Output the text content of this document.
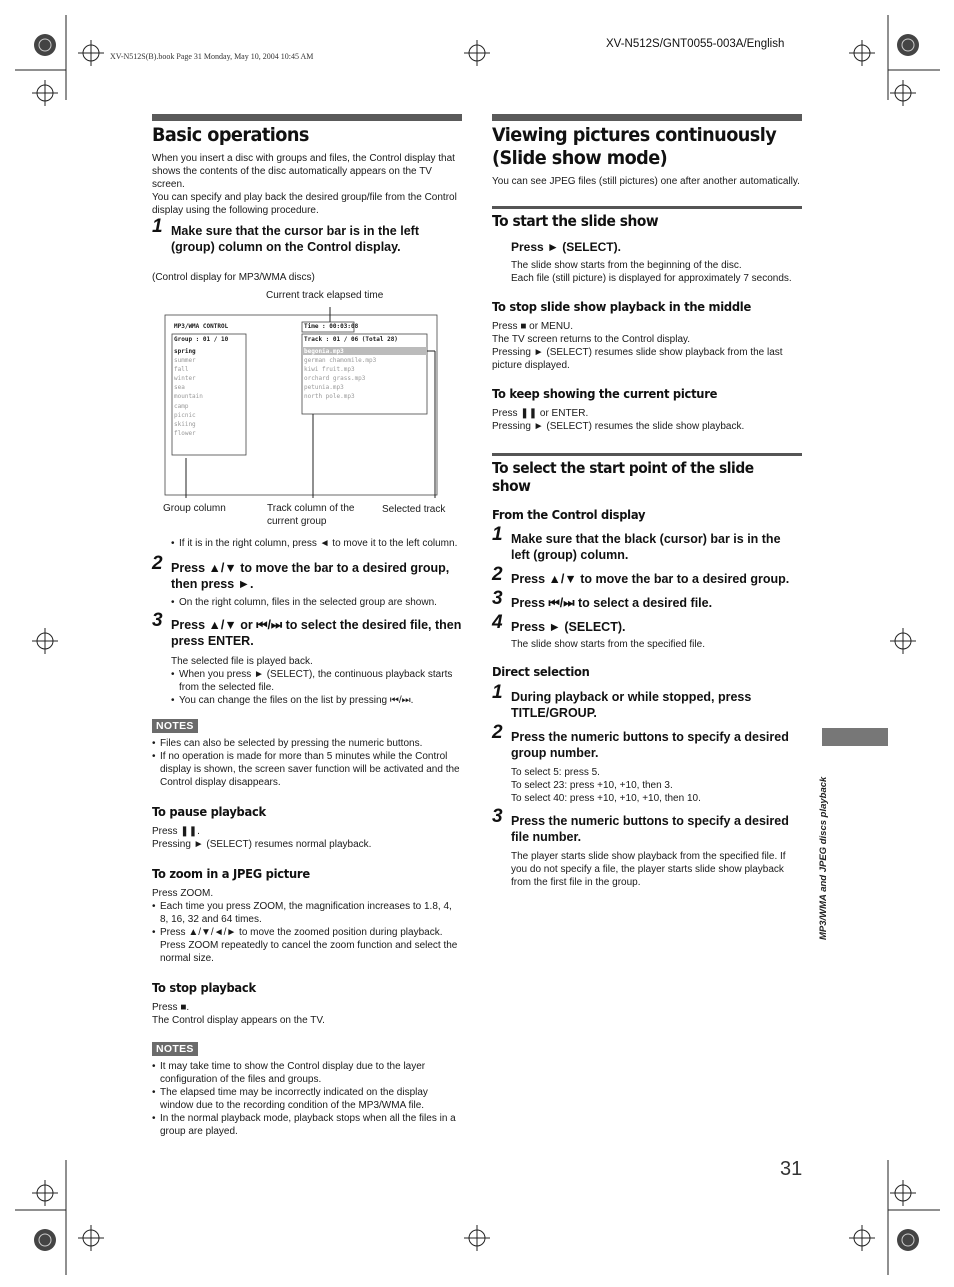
XV-N512S(B).book Page 31 Monday, May 10, 2004 10:45 AM
XV-N512S/GNT0055-003A/English
Basic operations
When you insert a disc with groups and files, the Control display that shows the contents of the disc automatically appears on the TV screen.
You can specify and play back the desired group/file from the Control display using the following procedure.
1 Make sure that the cursor bar is in the left (group) column on the Control display.
(Control display for MP3/WMA discs)
Current track elapsed time
MP3/WMA CONTROL	Time : 00:03:08
Group : 01 / 10	Track : 01 / 06 (Total 28)
spring
summer
fall
winter
sea
mountain
camp
picnic
skiing
flower
begonia.mp3
german chamomile.mp3
kiwi fruit.mp3
orchard grass.mp3
petunia.mp3
north pole.mp3
Group column	Track column of the
current group
Selected track
• If it is in the right column, press ◄ to move it to the left column.
2 Press ▲/▼ to move the bar to a desired group, then press ►.
• On the right column, files in the selected group are shown.
3 Press ▲/▼ or ⏮/⏭ to select the desired file, then press ENTER.
The selected file is played back.
• When you press ► (SELECT), the continuous playback starts from the selected file.
• You can change the files on the list by pressing ⏮/⏭.
NOTES
• Files can also be selected by pressing the numeric buttons.
• If no operation is made for more than 5 minutes while the Control display is shown, the screen saver function will be activated and the Control display disappears.
To pause playback
Press ❚❚.
Pressing ► (SELECT) resumes normal playback.
To zoom in a JPEG picture
Press ZOOM.
• Each time you press ZOOM, the magnification increases to 1.8, 4, 8, 16, 32 and 64 times.
• Press ▲/▼/◄/► to move the zoomed position during playback. Press ZOOM repeatedly to cancel the zoom function and select the normal size.
To stop playback
Press ■.
The Control display appears on the TV.
NOTES
• It may take time to show the Control display due to the layer configuration of the files and groups.
• The elapsed time may be incorrectly indicated on the display window due to the recording condition of the MP3/WMA file.
• In the normal playback mode, playback stops when all the files in a group are played.
Viewing pictures continuously (Slide show mode)
You can see JPEG files (still pictures) one after another automatically.
To start the slide show
Press ► (SELECT).
The slide show starts from the beginning of the disc.
Each file (still picture) is displayed for approximately 7 seconds.
To stop slide show playback in the middle
Press ■ or MENU.
The TV screen returns to the Control display.
Pressing ► (SELECT) resumes slide show playback from the last picture displayed.
To keep showing the current picture
Press ❚❚ or ENTER.
Pressing ► (SELECT) resumes the slide show playback.
To select the start point of the slide show
From the Control display
1 Make sure that the black (cursor) bar is in the left (group) column.
2 Press ▲/▼ to move the bar to a desired group.
3 Press ⏮/⏭ to select a desired file.
4 Press ► (SELECT).
The slide show starts from the specified file.
Direct selection
1 During playback or while stopped, press TITLE/GROUP.
2 Press the numeric buttons to specify a desired group number.
To select 5: press 5.
To select 23: press +10, +10, then 3.
To select 40: press +10, +10, +10, then 10.
3 Press the numeric buttons to specify a desired file number.
The player starts slide show playback from the specified file. If you do not specify a file, the player starts slide show playback from the first file in the group.	MP3/WMA and JPEG discs playback
31
